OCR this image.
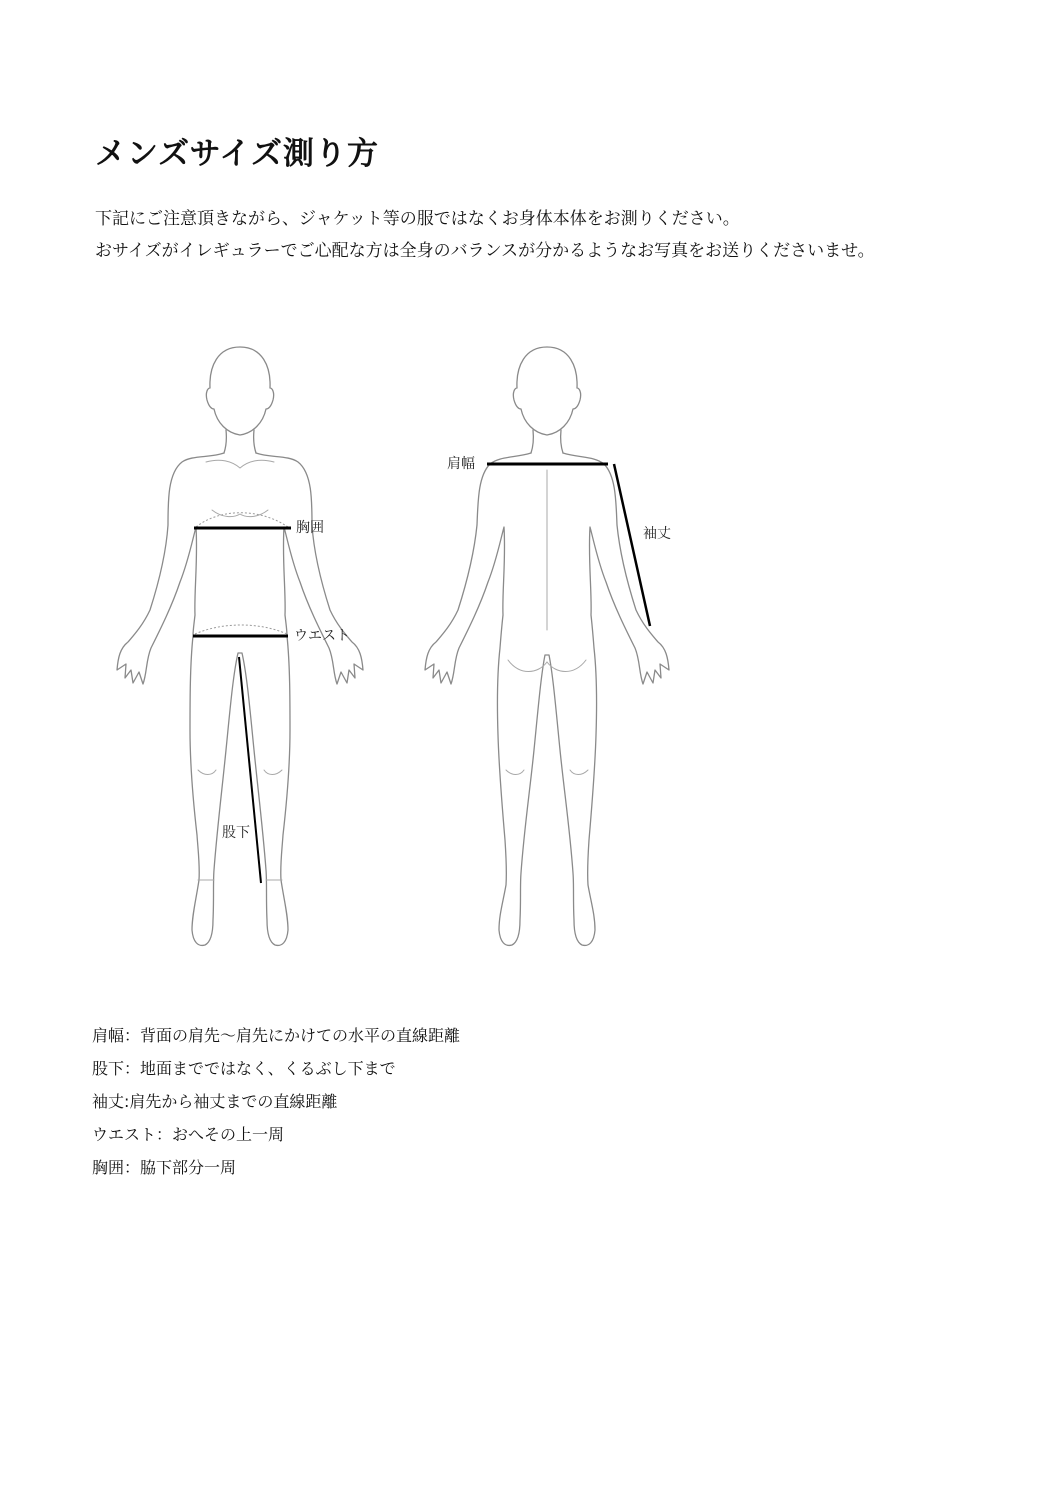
メンズサイズ測り方

下記にご注意頂きながら、ジャケット等の服ではなくお身体本体をお測りください。

おサイズがイレギュラーでご心配な方は全身のバランスが分かるようなお写真をお送りくださいませ。

胸囲
ウエスト
股下
肩幅
袖丈

肩幅：背面の肩先〜肩先にかけての水平の直線距離

股下：地面までではなく、くるぶし下まで

袖丈:肩先から袖丈までの直線距離

ウエスト：おへその上一周

胸囲：脇下部分一周
